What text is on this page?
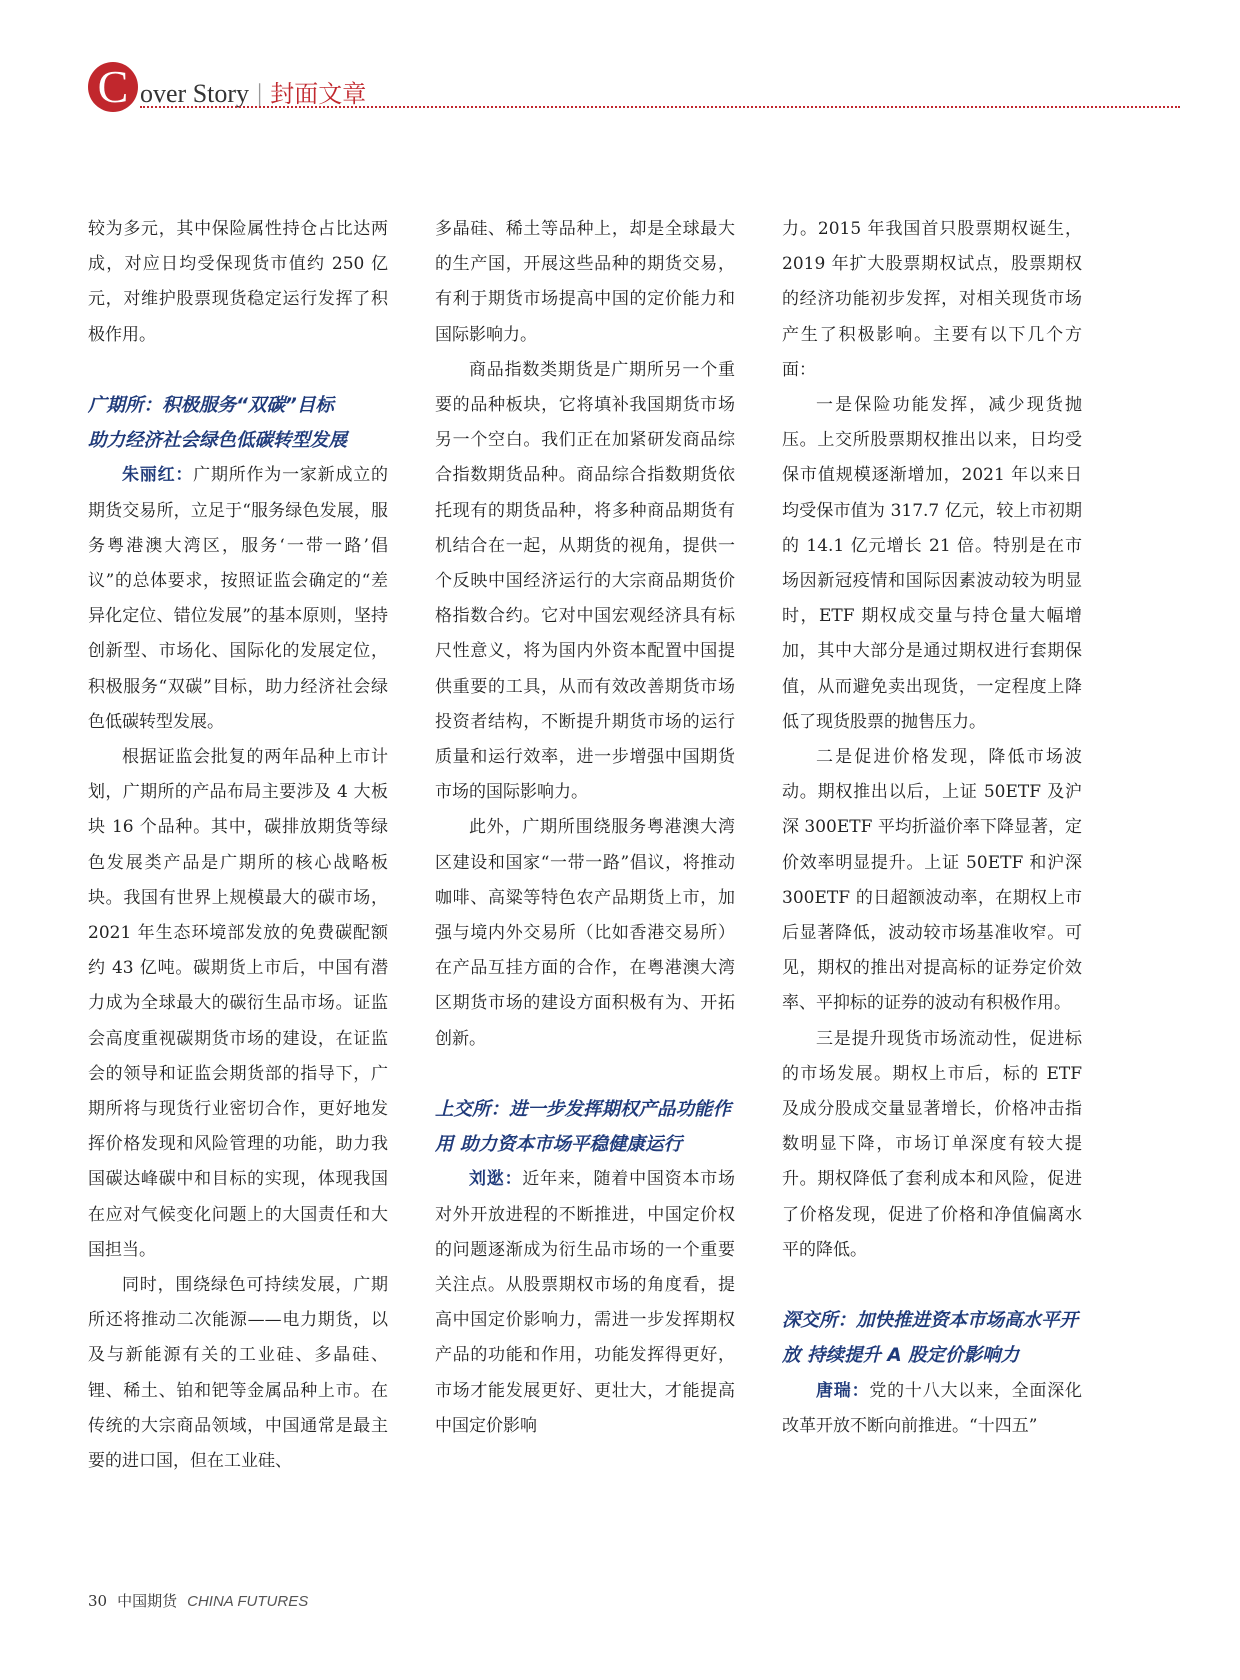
C over Story | 封面文章

较为多元，其中保险属性持仓占比达两成，对应日均受保现货市值约 250 亿元，对维护股票现货稳定运行发挥了积极作用。

广期所：积极服务“双碳”目标
助力经济社会绿色低碳转型发展

朱丽红：广期所作为一家新成立的期货交易所，立足于“服务绿色发展，服务粤港澳大湾区，服务‘一带一路’倡议”的总体要求，按照证监会确定的“差异化定位、错位发展”的基本原则，坚持创新型、市场化、国际化的发展定位，积极服务“双碳”目标，助力经济社会绿色低碳转型发展。

根据证监会批复的两年品种上市计划，广期所的产品布局主要涉及 4 大板块 16 个品种。其中，碳排放期货等绿色发展类产品是广期所的核心战略板块。我国有世界上规模最大的碳市场，2021 年生态环境部发放的免费碳配额约 43 亿吨。碳期货上市后，中国有潜力成为全球最大的碳衍生品市场。证监会高度重视碳期货市场的建设，在证监会的领导和证监会期货部的指导下，广期所将与现货行业密切合作，更好地发挥价格发现和风险管理的功能，助力我国碳达峰碳中和目标的实现，体现我国在应对气候变化问题上的大国责任和大国担当。

同时，围绕绿色可持续发展，广期所还将推动二次能源——电力期货，以及与新能源有关的工业硅、多晶硅、锂、稀土、铂和钯等金属品种上市。在传统的大宗商品领域，中国通常是最主要的进口国，但在工业硅、

多晶硅、稀土等品种上，却是全球最大的生产国，开展这些品种的期货交易，有利于期货市场提高中国的定价能力和国际影响力。

商品指数类期货是广期所另一个重要的品种板块，它将填补我国期货市场另一个空白。我们正在加紧研发商品综合指数期货品种。商品综合指数期货依托现有的期货品种，将多种商品期货有机结合在一起，从期货的视角，提供一个反映中国经济运行的大宗商品期货价格指数合约。它对中国宏观经济具有标尺性意义，将为国内外资本配置中国提供重要的工具，从而有效改善期货市场投资者结构，不断提升期货市场的运行质量和运行效率，进一步增强中国期货市场的国际影响力。

此外，广期所围绕服务粤港澳大湾区建设和国家“一带一路”倡议，将推动咖啡、高粱等特色农产品期货上市，加强与境内外交易所（比如香港交易所）在产品互挂方面的合作，在粤港澳大湾区期货市场的建设方面积极有为、开拓创新。

上交所：进一步发挥期权产品功能作用 助力资本市场平稳健康运行

刘逖：近年来，随着中国资本市场对外开放进程的不断推进，中国定价权的问题逐渐成为衍生品市场的一个重要关注点。从股票期权市场的角度看，提高中国定价影响力，需进一步发挥期权产品的功能和作用，功能发挥得更好，市场才能发展更好、更壮大，才能提高中国定价影响

力。2015 年我国首只股票期权诞生，2019 年扩大股票期权试点，股票期权的经济功能初步发挥，对相关现货市场产生了积极影响。主要有以下几个方面：

一是保险功能发挥，减少现货抛压。上交所股票期权推出以来，日均受保市值规模逐渐增加，2021 年以来日均受保市值为 317.7 亿元，较上市初期的 14.1 亿元增长 21 倍。特别是在市场因新冠疫情和国际因素波动较为明显时，ETF 期权成交量与持仓量大幅增加，其中大部分是通过期权进行套期保值，从而避免卖出现货，一定程度上降低了现货股票的抛售压力。

二是促进价格发现，降低市场波动。期权推出以后，上证 50ETF 及沪深 300ETF 平均折溢价率下降显著，定价效率明显提升。上证 50ETF 和沪深 300ETF 的日超额波动率，在期权上市后显著降低，波动较市场基准收窄。可见，期权的推出对提高标的证券定价效率、平抑标的证券的波动有积极作用。

三是提升现货市场流动性，促进标的市场发展。期权上市后，标的 ETF 及成分股成交量显著增长，价格冲击指数明显下降，市场订单深度有较大提升。期权降低了套利成本和风险，促进了价格发现，促进了价格和净值偏离水平的降低。

深交所：加快推进资本市场高水平开放 持续提升 A 股定价影响力

唐瑞：党的十八大以来，全面深化改革开放不断向前推进。“十四五”

30 中国期货 CHINA FUTURES
